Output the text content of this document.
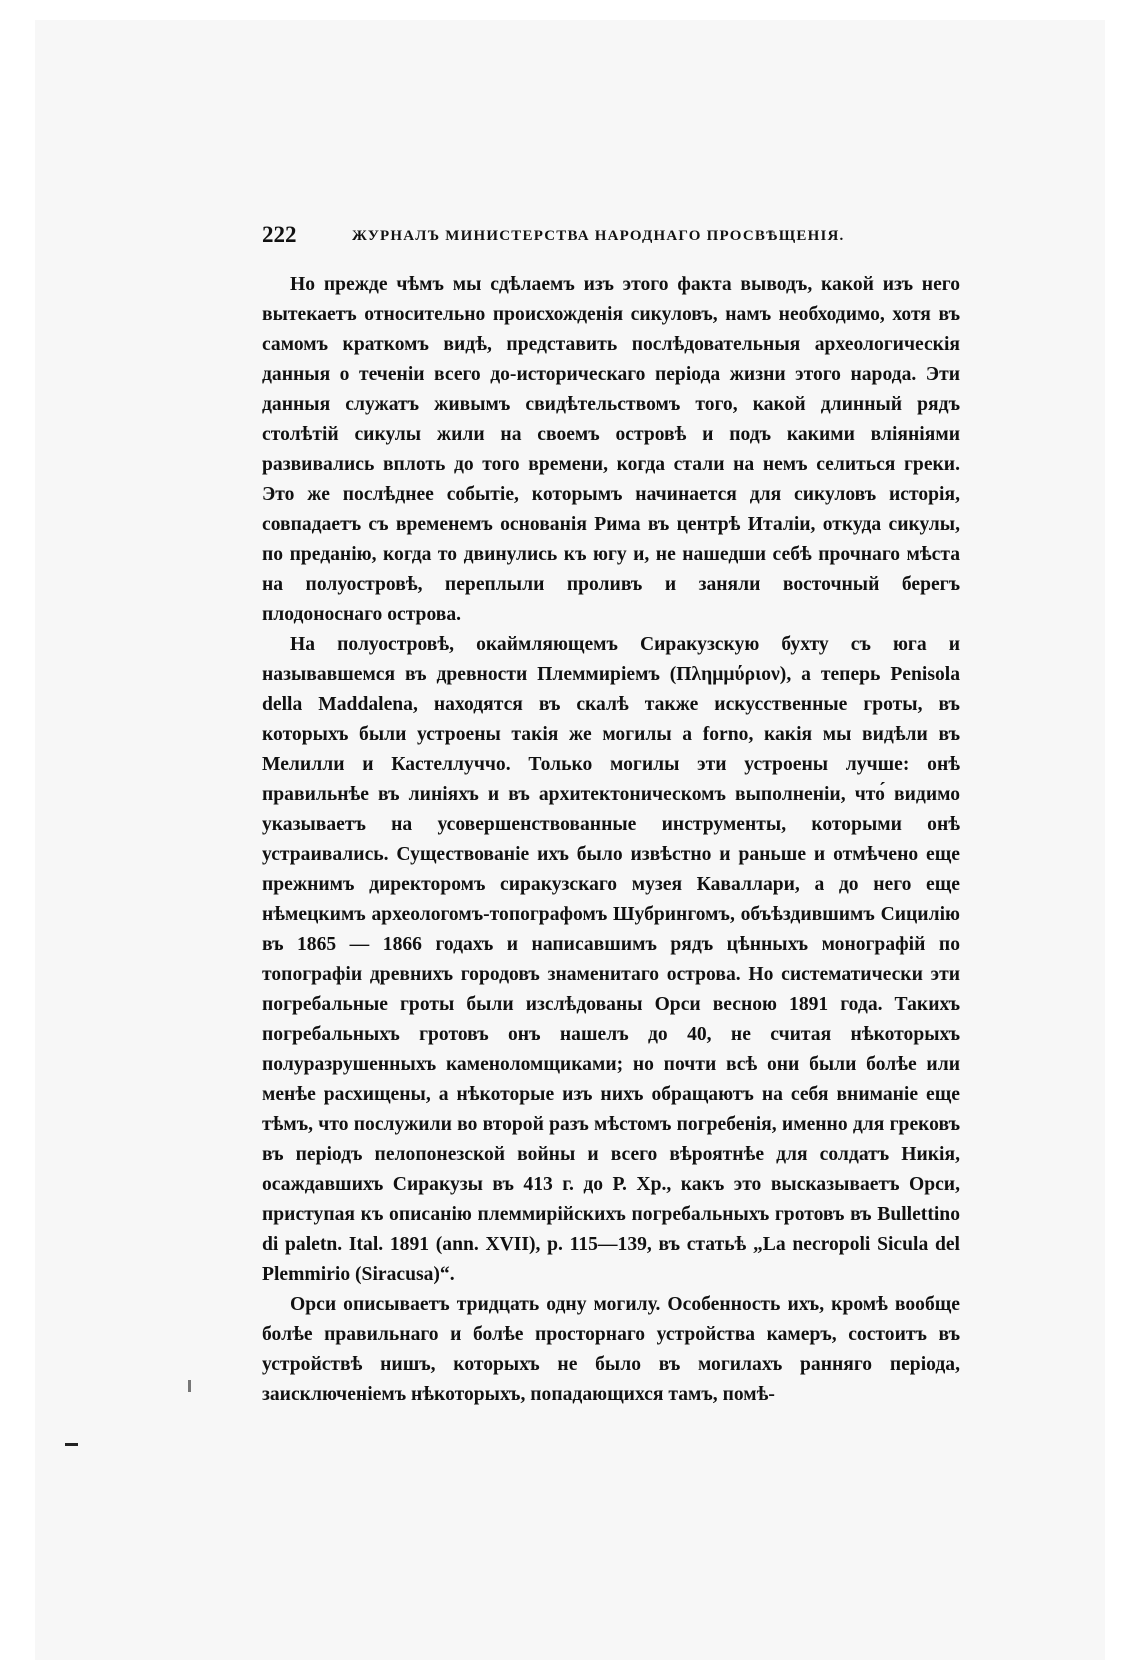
222	ЖУРНАЛЪ МИНИСТЕРСТВА НАРОДНАГО ПРОСВѢЩЕНІЯ.

Но прежде чѣмъ мы сдѣлаемъ изъ этого факта выводъ, какой изъ него вытекаетъ относительно происхожденія сикуловъ, намъ необходимо, хотя въ самомъ краткомъ видѣ, представить послѣдовательныя археологическія данныя о теченіи всего до-историческаго періода жизни этого народа. Эти данныя служатъ живымъ свидѣтельствомъ того, какой длинный рядъ столѣтій сикулы жили на своемъ островѣ и подъ какими вліяніями развивались вплоть до того времени, когда стали на немъ селиться греки. Это же послѣднее событіе, которымъ начинается для сикуловъ исторія, совпадаетъ съ временемъ основанія Рима въ центрѣ Италіи, откуда сикулы, по преданію, когда то двинулись къ югу и, не нашедши себѣ прочнаго мѣста на полуостровѣ, переплыли проливъ и заняли восточный берегъ плодоноснаго острова.

На полуостровѣ, окаймляющемъ Сиракузскую бухту съ юга и называвшемся въ древности Племмиріемъ (Πλημμύριον), а теперь Penisola della Maddalena, находятся въ скалѣ также искусственные гроты, въ которыхъ были устроены такія же могилы a forno, какія мы видѣли въ Мелилли и Кастеллуччо. Только могилы эти устроены лучше: онѣ правильнѣе въ линіяхъ и въ архитектоническомъ выполненіи, что́ видимо указываетъ на усовершенствованные инструменты, которыми онѣ устраивались. Существованіе ихъ было извѣстно и раньше и отмѣчено еще прежнимъ директоромъ сиракузскаго музея Каваллари, а до него еще нѣмецкимъ археологомъ-топографомъ Шубрингомъ, объѣздившимъ Сицилію въ 1865 — 1866 годахъ и написавшимъ рядъ цѣнныхъ монографій по топографіи древнихъ городовъ знаменитаго острова. Но систематически эти погребальные гроты были изслѣдованы Орси весною 1891 года. Такихъ погребальныхъ гротовъ онъ нашелъ до 40, не считая нѣкоторыхъ полуразрушенныхъ каменоломщиками; но почти всѣ они были болѣе или менѣе расхищены, а нѣкоторые изъ нихъ обращаютъ на себя вниманіе еще тѣмъ, что послужили во второй разъ мѣстомъ погребенія, именно для грековъ въ періодъ пелопонезской войны и всего вѣроятнѣе для солдатъ Никія, осаждавшихъ Сиракузы въ 413 г. до Р. Хр., какъ это высказываетъ Орси, приступая къ описанію племмирійскихъ погребальныхъ гротовъ въ Bullettino di paletn. Ital. 1891 (ann. XVII), p. 115—139, въ статьѣ „La necropoli Sicula del Plemmirio (Siracusa)“.

Орси описываетъ тридцать одну могилу. Особенность ихъ, кромѣ вообще болѣе правильнаго и болѣе просторнаго устройства камеръ, состоитъ въ устройствѣ нишъ, которыхъ не было въ могилахъ ранняго періода, заисключеніемъ нѣкоторыхъ, попадающихся тамъ, помѣ-
